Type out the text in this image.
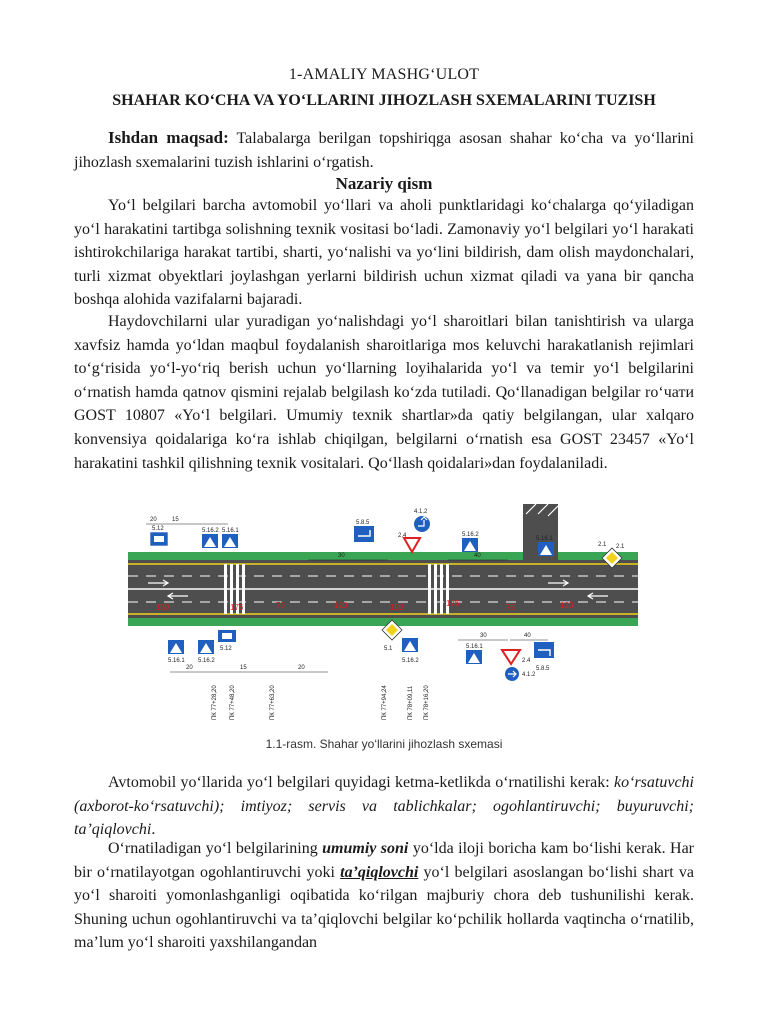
1-AMALIY MASHG‘ULOT
SHAHAR KO‘CHA VA YO‘LLARINI JIHOZLASH SXEMALARINI TUZISH
Ishdan maqsad: Talabalarga berilgan topshiriqga asosan shahar ko‘cha va yo‘llarini jihozlash sxemalarini tuzish ishlarini o‘rgatish.
Nazariy qism
Yo‘l belgilari barcha avtomobil yo‘llari va aholi punktlaridagi ko‘chalarga qo‘yiladigan yo‘l harakatini tartibga solishning texnik vositasi bo‘ladi. Zamonaviy yo‘l belgilari yo‘l harakati ishtirokchilariga harakat tartibi, sharti, yo‘nalishi va yo‘lini bildirish, dam olish maydonchalari, turli xizmat obyektlari joylashgan yerlarni bildirish uchun xizmat qiladi va yana bir qancha boshqa alohida vazifalarni bajaradi.
Haydovchilarni ular yuradigan yo‘nalishdagi yo‘l sharoitlari bilan tanishtirish va ularga xavfsiz hamda yo‘ldan maqbul foydalanish sharoitlariga mos keluvchi harakatlanish rejimlari to‘g‘risida yo‘l-yo‘riq berish uchun yo‘llarning loyihalarida yo‘l va temir yo‘l belgilarini o‘rnatish hamda qatnov qismini rejalab belgilash ko‘zda tutiladi. Qo‘llanadigan belgilar ro‘чати GOST 10807 «Yo‘l belgilari. Umumiy texnik shartlar»da qatiy belgilangan, ular xalqaro konvensiya qoidalariga ko‘ra ishlab chiqilgan, belgilarni o‘rnatish esa GOST 23457 «Yo‘l harakatini tashkil qilishning texnik vositalari. Qo‘llash qoidalari»dan foydalaniladi.
150	176	75	120	150	176	75	120
20	15
30	40
30	40
20	15	20
ПК 77+28,20 ПК 77+48,20	ПК 77+63,20	ПК 77+94,24	ПК 78+09,11 ПК 78+16,20
5.12	5.16.2 5.16.1
5.8.5
4.1.2
2.4	5.16.2
5.16.1
2.1
5.1
5.16.2
5.16.1
2.4
4.1.2
5.8.5
5.12
5.16.1 5.16.2
2.1
1.1-rasm. Shahar yo‘llarini jihozlash sxemasi
Avtomobil yo‘llarida yo‘l belgilari quyidagi ketma-ketlikda o‘rnatilishi kerak: ko‘rsatuvchi (axborot-ko‘rsatuvchi); imtiyoz; servis va tablichkalar; ogohlantiruvchi; buyuruvchi; ta’qiqlovchi.
O‘rnatiladigan yo‘l belgilarining umumiy soni yo‘lda iloji boricha kam bo‘lishi kerak. Har bir o‘rnatilayotgan ogohlantiruvchi yoki ta’qiqlovchi yo‘l belgilari asoslangan bo‘lishi shart va yo‘l sharoiti yomonlashganligi oqibatida ko‘rilgan majburiy chora deb tushunilishi kerak. Shuning uchun ogohlantiruvchi va ta’qiqlovchi belgilar ko‘pchilik hollarda vaqtincha o‘rnatilib, ma’lum yo‘l sharoiti yaxshilangandan
